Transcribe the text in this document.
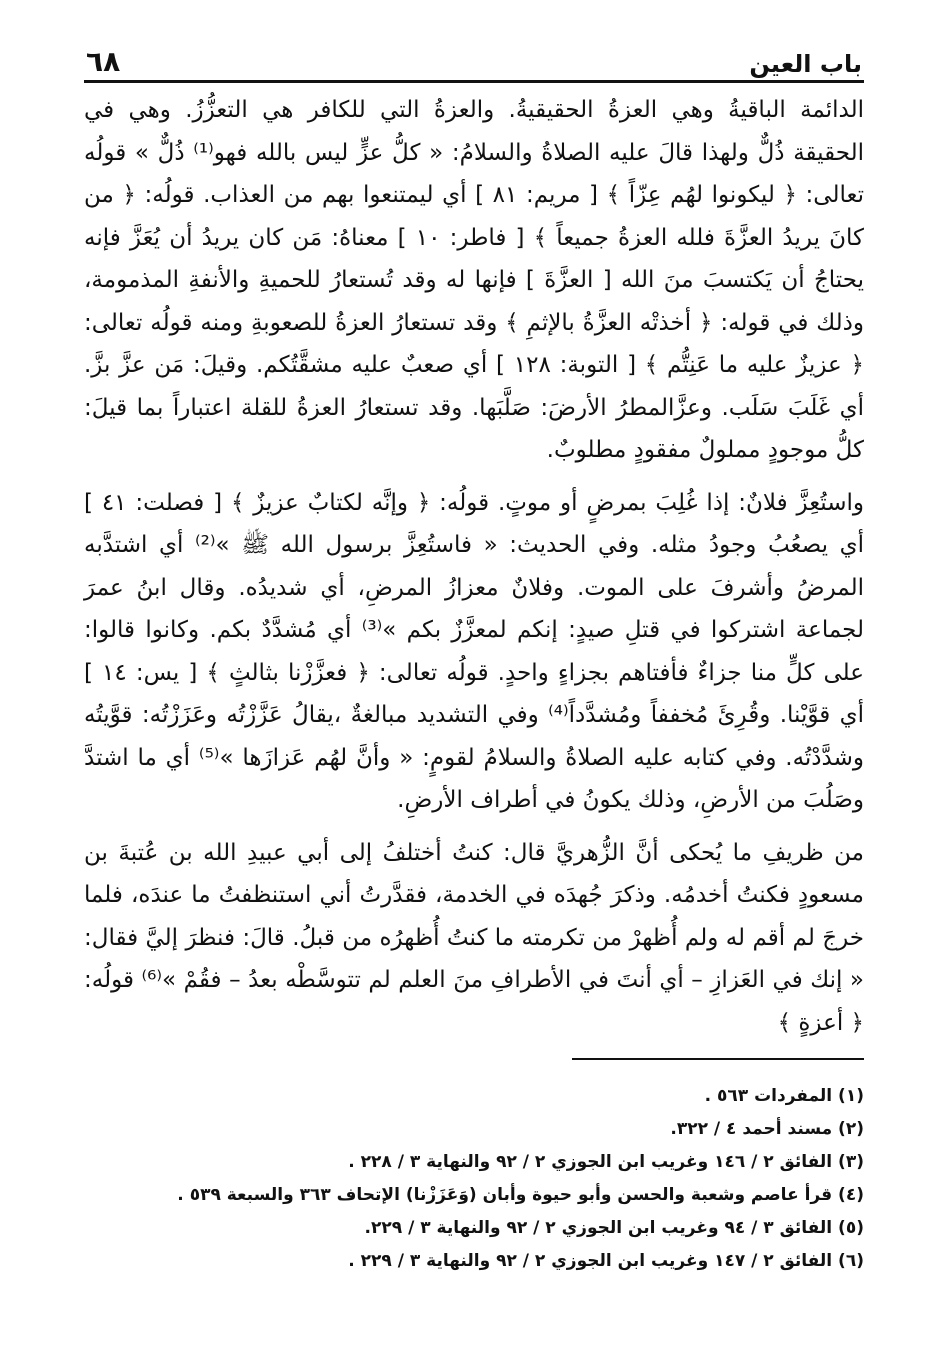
باب العين
٦٨

الدائمة الباقيةُ وهي العزةُ الحقيقيةُ. والعزةُ التي للكافر هي التعزُّزُ. وهي في الحقيقة ذُلٌّ ولهذا قالَ عليه الصلاةُ والسلامُ: « كلُّ عزٍّ ليس بالله فهو⁽¹⁾ ذُلٌّ » قولُه تعالى: ﴿ ليكونوا لهُم عِزّاً ﴾ [ مريم: ٨١ ] أي ليمتنعوا بهم من العذاب. قولُه: ﴿ من كانَ يريدُ العزَّةَ فلله العزةُ جميعاً ﴾ [ فاطر: ١٠ ] معناهُ: مَن كان يريدُ أن يُعَزَّ فإنه يحتاجُ أن يَكتسبَ منَ الله [ العزَّةَ ] فإنها له وقد تُستعارُ للحميةِ والأنفةِ المذمومة، وذلك في قوله: ﴿ أخذتْه العزَّةُ بالإثمِ ﴾ وقد تستعارُ العزةُ للصعوبةِ ومنه قولُه تعالى: ﴿ عزيزٌ عليه ما عَنِتُّم ﴾ [ التوبة: ١٢٨ ] أي صعبٌ عليه مشقَّتُكم. وقيلَ: مَن عزَّ بزَّ. أي غَلَبَ سَلَب. وعزَّالمطرُ الأرضَ: صَلَّبَها. وقد تستعارُ العزةُ للقلة اعتباراً بما قيلَ: كلُّ موجودٍ مملولٌ مفقودٍ مطلوبٌ.

واستُعِزَّ فلانٌ: إذا غُلِبَ بمرضٍ أو موتٍ. قولُه: ﴿ وإنَّه لكتابٌ عزيزٌ ﴾ [ فصلت: ٤١ ] أي يصعُبُ وجودُ مثله. وفي الحديث: « فاستُعِزَّ برسول الله ﷺ »⁽²⁾ أي اشتدَّبه المرضُ وأشرفَ على الموت. وفلانٌ معزازُ المرضِ، أي شديدُه. وقال ابنُ عمرَ لجماعة اشتركوا في قتلِ صيدٍ: إنكم لمعزَّزٌ بكم »⁽³⁾ أي مُشدَّدٌ بكم. وكانوا قالوا: على كلٍّ منا جزاءٌ فأفتاهم بجزاءٍ واحدٍ. قولُه تعالى: ﴿ فعزَّزْنا بثالثٍ ﴾ [ يس: ١٤ ] أي قوَّيْنا. وقُرِئَ مُخففاً ومُشدَّداً⁽⁴⁾ وفي التشديد مبالغةٌ ،يقالُ عَزَّزْتُه وعَزَزْتُه: قوَّيتُه وشدَّدْتُه. وفي كتابه عليه الصلاةُ والسلامُ لقومٍ: « وأنَّ لهُم عَزازَها »⁽⁵⁾ أي ما اشتدَّ وصَلُبَ من الأرضِ، وذلك يكونُ في أطراف الأرضِ.

من ظريفِ ما يُحكى أنَّ الزُّهريَّ قال: كنتُ أختلفُ إلى أبي عبيدِ الله بن عُتبةَ بن مسعودٍ فكنتُ أخدمُه. وذكرَ جُهدَه في الخدمة، فقدَّرتُ أني استنظفتُ ما عندَه، فلما خرجَ لم أقم له ولم أُظهرْ من تكرمته ما كنتُ أُظهرُه من قبلُ. قالَ: فنظرَ إليَّ فقال: « إنك في العَزازِ – أي أنتَ في الأطرافِ منَ العلم لم تتوسَّطْه بعدُ – فقُمْ »⁽⁶⁾ قولُه: ﴿ أعزةٍ ﴾

(١) المفردات ٥٦٣ .
(٢) مسند أحمد ٤ / ٣٢٢.
(٣) الفائق ٢ / ١٤٦ وغريب ابن الجوزي ٢ / ٩٢ والنهاية ٣ / ٢٢٨ .
(٤) قرأ عاصم وشعبة والحسن وأبو حيوة وأبان (وَعَزَزْنا) الإتحاف ٣٦٣ والسبعة ٥٣٩ .
(٥) الفائق ٣ / ٩٤ وغريب ابن الجوزي ٢ / ٩٢ والنهاية ٣ / ٢٢٩.
(٦) الفائق ٢ / ١٤٧ وغريب ابن الجوزي ٢ / ٩٢ والنهاية ٣ / ٢٢٩ .
